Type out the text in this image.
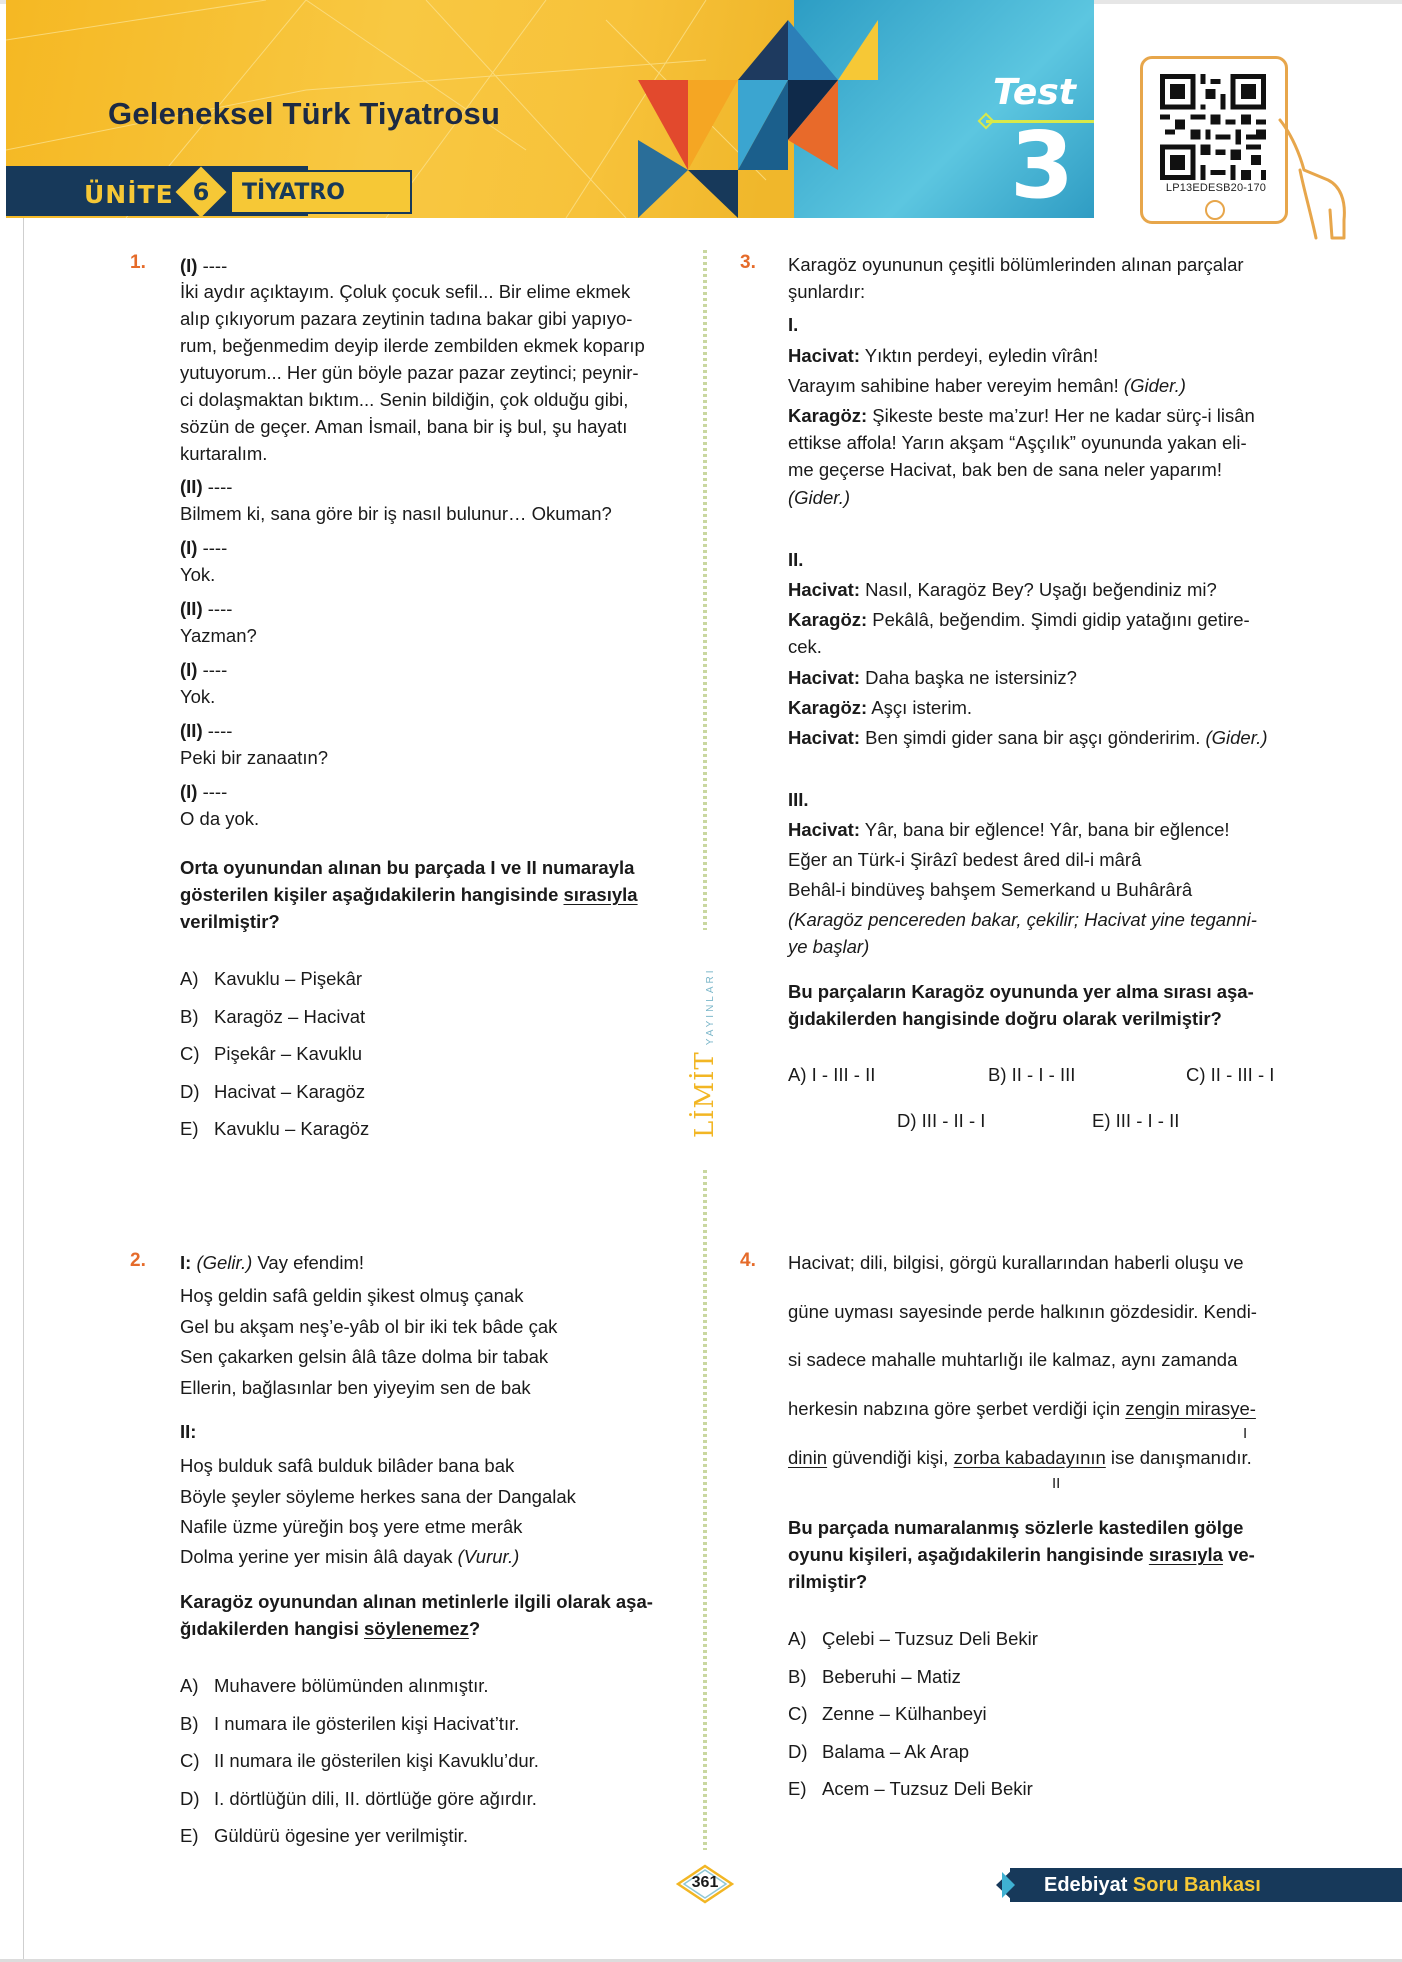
Geleneksel Türk Tiyatrosu
ÜNİTE 6	TİYATRO
Test
3	LP13EDESB20-170
LİMİTYAYINLARI
1. (I) ----
İki aydır açıktayım. Çoluk çocuk sefil... Bir elime ekmek
alıp çıkıyorum pazara zeytinin tadına bakar gibi yapıyo-
rum, beğenmedim deyip ilerde zembilden ekmek koparıp
yutuyorum... Her gün böyle pazar pazar zeytinci; peynir-
ci dolaşmaktan bıktım... Senin bildiğin, çok olduğu gibi,
sözün de geçer. Aman İsmail, bana bir iş bul, şu hayatı
kurtaralım.
(II) ----
Bilmem ki, sana göre bir iş nasıl bulunur… Okuman?
(I) ----
Yok.
(II) ----
Yazman?
(I) ----
Yok.
(II) ----
Peki bir zanaatın?
(I) ----
O da yok.
Orta oyunundan alınan bu parçada I ve II numarayla
gösterilen kişiler aşağıdakilerin hangisinde sırasıyla
verilmiştir?
A) Kavuklu – Pişekâr
B) Karagöz – Hacivat
C) Pişekâr – Kavuklu
D) Hacivat – Karagöz
E) Kavuklu – Karagöz
2. I: (Gelir.) Vay efendim!
Hoş geldin safâ geldin şikest olmuş çanak
Gel bu akşam neş’e-yâb ol bir iki tek bâde çak
Sen çakarken gelsin âlâ tâze dolma bir tabak
Ellerin, bağlasınlar ben yiyeyim sen de bak
II:
Hoş bulduk safâ bulduk bilâder bana bak
Böyle şeyler söyleme herkes sana der Dangalak
Nafile üzme yüreğin boş yere etme merâk
Dolma yerine yer misin âlâ dayak (Vurur.)
Karagöz oyunundan alınan metinlerle ilgili olarak aşa-
ğıdakilerden hangisi söylenemez?
A) Muhavere bölümünden alınmıştır.
B) I numara ile gösterilen kişi Hacivat’tır.
C) II numara ile gösterilen kişi Kavuklu’dur.
D) I. dörtlüğün dili, II. dörtlüğe göre ağırdır.
E) Güldürü ögesine yer verilmiştir.
3. Karagöz oyununun çeşitli bölümlerinden alınan parçalar
şunlardır:
I.
Hacivat: Yıktın perdeyi, eyledin vîrân!
Varayım sahibine haber vereyim hemân! (Gider.)
Karagöz: Şikeste beste ma’zur! Her ne kadar sürç-i lisân
ettikse affola! Yarın akşam “Aşçılık” oyununda yakan eli-
me geçerse Hacivat, bak ben de sana neler yaparım!
(Gider.)
II.
Hacivat: Nasıl, Karagöz Bey? Uşağı beğendiniz mi?
Karagöz: Pekâlâ, beğendim. Şimdi gidip yatağını getire-
cek.
Hacivat: Daha başka ne istersiniz?
Karagöz: Aşçı isterim.
Hacivat: Ben şimdi gider sana bir aşçı gönderirim. (Gider.)
III.
Hacivat: Yâr, bana bir eğlence! Yâr, bana bir eğlence!
Eğer an Türk-i Şirâzî bedest âred dil-i mârâ
Behâl-i bindüveş bahşem Semerkand u Buhârârâ
(Karagöz pencereden bakar, çekilir; Hacivat yine teganni-
ye başlar)
Bu parçaların Karagöz oyununda yer alma sırası aşa-
ğıdakilerden hangisinde doğru olarak verilmiştir?
A) I - III - II	B) II - I - III	C) II - III - I
D) III - II - I	E) III - I - II
4. Hacivat; dili, bilgisi, görgü kurallarından haberli oluşu ve
güne uyması sayesinde perde halkının gözdesidir. Kendi-
si sadece mahalle muhtarlığı ile kalmaz, aynı zamanda
herkesin nabzına göre şerbet verdiği için zengin mirasye-
I
dinin güvendiği kişi, zorba kabadayının ise danışmanıdır.
II
Bu parçada numaralanmış sözlerle kastedilen gölge
oyunu kişileri, aşağıdakilerin hangisinde sırasıyla ve-
rilmiştir?
A) Çelebi – Tuzsuz Deli Bekir
B) Beberuhi – Matiz
C) Zenne – Külhanbeyi
D) Balama – Ak Arap
E) Acem – Tuzsuz Deli Bekir
361	Edebiyat Soru Bankası
